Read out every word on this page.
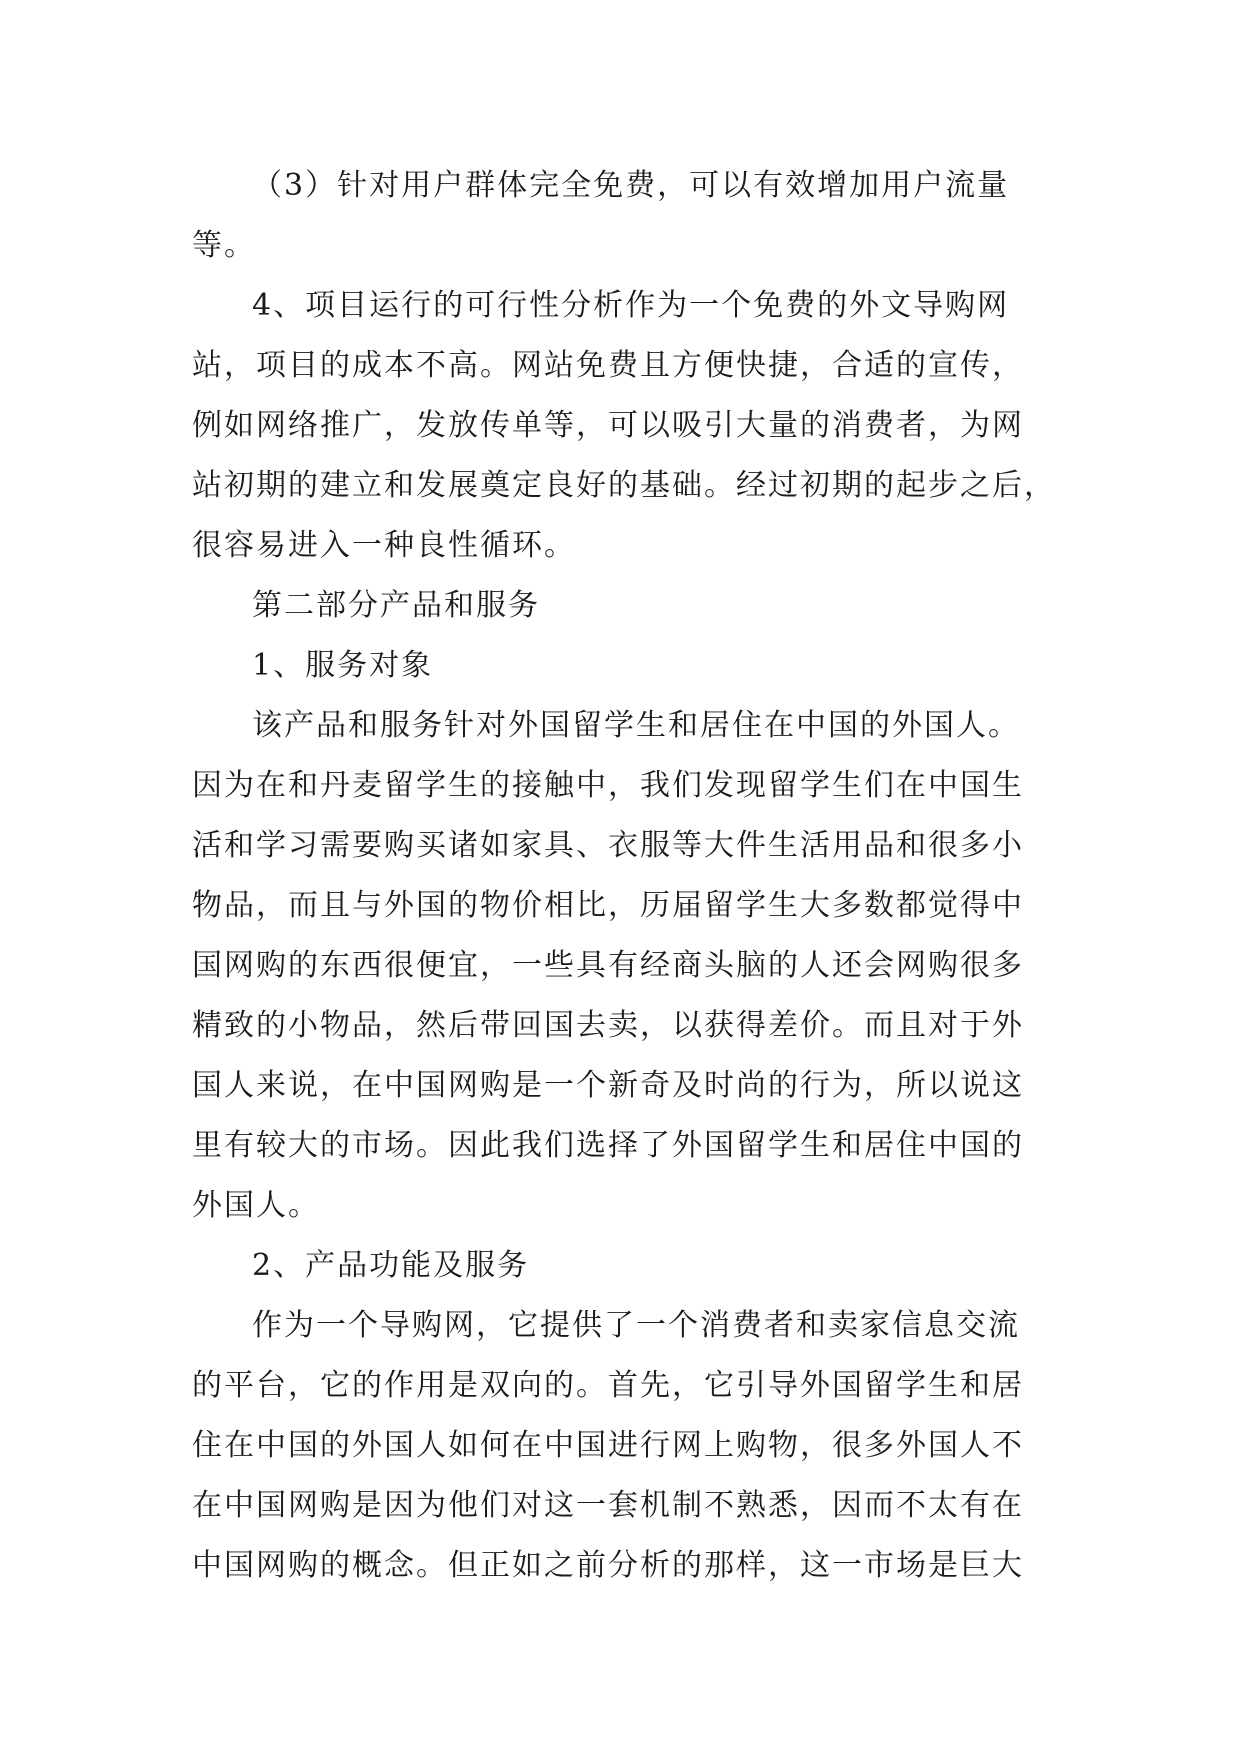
（3）针对用户群体完全免费，可以有效增加用户流量
等。
4、项目运行的可行性分析作为一个免费的外文导购网
站，项目的成本不高。网站免费且方便快捷，合适的宣传，
例如网络推广，发放传单等，可以吸引大量的消费者，为网
站初期的建立和发展奠定良好的基础。经过初期的起步之后，
很容易进入一种良性循环。
第二部分产品和服务
1、服务对象
该产品和服务针对外国留学生和居住在中国的外国人。
因为在和丹麦留学生的接触中，我们发现留学生们在中国生
活和学习需要购买诸如家具、衣服等大件生活用品和很多小
物品，而且与外国的物价相比，历届留学生大多数都觉得中
国网购的东西很便宜，一些具有经商头脑的人还会网购很多
精致的小物品，然后带回国去卖，以获得差价。而且对于外
国人来说，在中国网购是一个新奇及时尚的行为，所以说这
里有较大的市场。因此我们选择了外国留学生和居住中国的
外国人。
2、产品功能及服务
作为一个导购网，它提供了一个消费者和卖家信息交流
的平台，它的作用是双向的。首先，它引导外国留学生和居
住在中国的外国人如何在中国进行网上购物，很多外国人不
在中国网购是因为他们对这一套机制不熟悉，因而不太有在
中国网购的概念。但正如之前分析的那样，这一市场是巨大
